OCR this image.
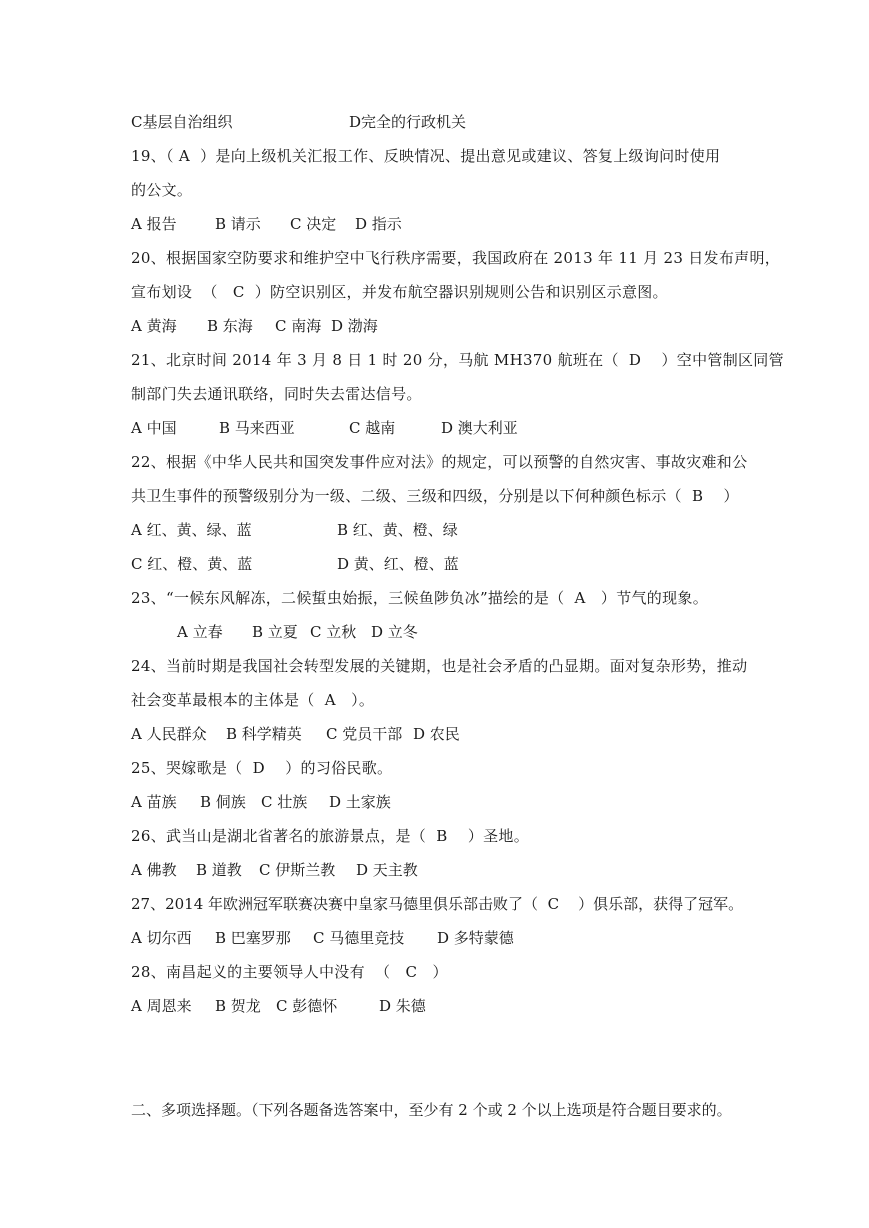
C基层自治组织

	D完全的行政机关

19、（ A  ）是向上级机关汇报工作、反映情况、提出意见或建议、答复上级询问时使用
的公文。

A 报告

	B 请示

C 决定

D 指示

20、根据国家空防要求和维护空中飞行秩序需要，我国政府在 2013 年 11 月 23 日发布声明，
宣布划设  （   C  ）防空识别区，并发布航空器识别规则公告和识别区示意图。

A 黄海

B 东海

C 南海

D 渤海

21、北京时间 2014 年 3 月 8 日 1 时 20 分，马航 MH370 航班在（  D    ）空中管制区同管
制部门失去通讯联络，同时失去雷达信号。

A 中国

	B 马来西亚

	C 越南

	D 澳大利亚

22、根据《中华人民共和国突发事件应对法》的规定，可以预警的自然灾害、事故灾难和公
共卫生事件的预警级别分为一级、二级、三级和四级，分别是以下何种颜色标示（  B    ）

A 红、黄、绿、蓝

	B 红、黄、橙、绿

C 红、橙、黄、蓝

	D 黄、红、橙、蓝

23、“一候东风解冻，二候蜇虫始振，三候鱼陟负冰”描绘的是（  A   ）节气的现象。

A 立春

B 立夏

C 立秋

D 立冬

24、当前时期是我国社会转型发展的关键期，也是社会矛盾的凸显期。面对复杂形势，推动
社会变革最根本的主体是（  A   ）。

A 人民群众

B 科学精英

C 党员干部

D 农民

25、哭嫁歌是（  D    ）的习俗民歌。

A 苗族

B 侗族

C 壮族

D 土家族

26、武当山是湖北省著名的旅游景点，是（  B    ）圣地。

A 佛教

B 道教

C 伊斯兰教

D 天主教

27、2014 年欧洲冠军联赛决赛中皇家马德里俱乐部击败了（  C    ）俱乐部，获得了冠军。

A 切尔西

B 巴塞罗那

C 马德里竞技

D 多特蒙德

28、南昌起义的主要领导人中没有  （   C   ）

A 周恩来

B 贺龙

C 彭德怀

	D 朱德

二、多项选择题。（下列各题备选答案中，至少有 2 个或 2 个以上选项是符合题目要求的。
